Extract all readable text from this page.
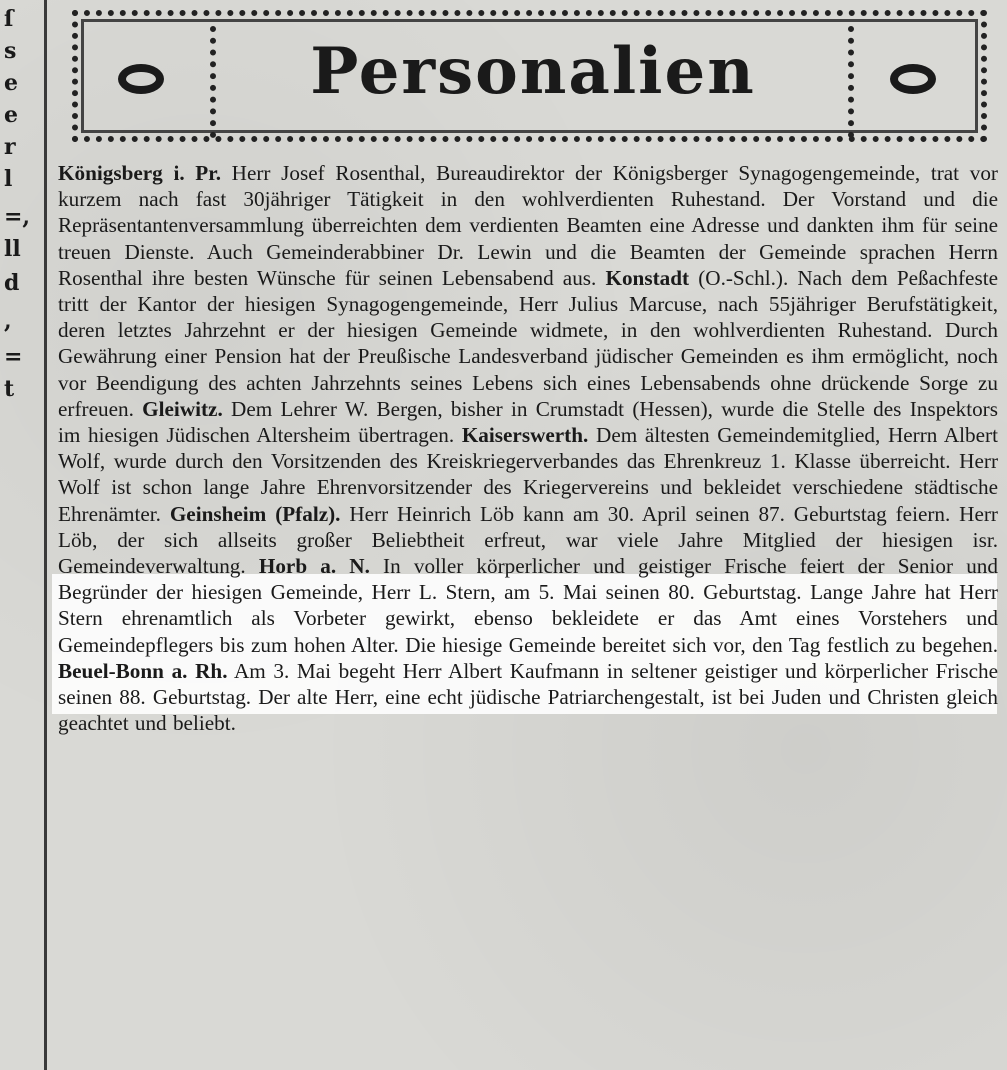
ſ
s
e
e
r
l
=,
ll
d
,
=
t
Personalien

Königsberg i. Pr. Herr Josef Rosenthal, Bureaudirektor der Königsberger Synagogengemeinde, trat vor kurzem nach fast 30jähriger Tätigkeit in den wohlverdienten Ruhestand. Der Vorstand und die Repräsentantenversammlung überreichten dem verdienten Beamten eine Adresse und dankten ihm für seine treuen Dienste. Auch Gemeinderabbiner Dr. Lewin und die Beamten der Gemeinde sprachen Herrn Rosenthal ihre besten Wünsche für seinen Lebensabend aus. Konstadt (O.-Schl.). Nach dem Peßachfeste tritt der Kantor der hiesigen Synagogengemeinde, Herr Julius Marcuse, nach 55jähriger Berufstätigkeit, deren letztes Jahrzehnt er der hiesigen Gemeinde widmete, in den wohlverdienten Ruhestand. Durch Gewährung einer Pension hat der Preußische Landesverband jüdischer Gemeinden es ihm ermöglicht, noch vor Beendigung des achten Jahrzehnts seines Lebens sich eines Lebensabends ohne drückende Sorge zu erfreuen. Gleiwitz. Dem Lehrer W. Bergen, bisher in Crumstadt (Hessen), wurde die Stelle des Inspektors im hiesigen Jüdischen Altersheim übertragen. Kaiserswerth. Dem ältesten Gemeindemitglied, Herrn Albert Wolf, wurde durch den Vorsitzenden des Kreiskriegerverbandes das Ehrenkreuz 1. Klasse überreicht. Herr Wolf ist schon lange Jahre Ehrenvorsitzender des Kriegervereins und bekleidet verschiedene städtische Ehrenämter. Geinsheim (Pfalz). Herr Heinrich Löb kann am 30. April seinen 87. Geburtstag feiern. Herr Löb, der sich allseits großer Beliebtheit erfreut, war viele Jahre Mitglied der hiesigen isr. Gemeindeverwaltung. Horb a. N. In voller körperlicher und geistiger Frische feiert der Senior und Begründer der hiesigen Gemeinde, Herr L. Stern, am 5. Mai seinen 80. Geburtstag. Lange Jahre hat Herr Stern ehrenamtlich als Vorbeter gewirkt, ebenso bekleidete er das Amt eines Vorstehers und Gemeindepflegers bis zum hohen Alter. Die hiesige Gemeinde bereitet sich vor, den Tag festlich zu begehen. Beuel-Bonn a. Rh. Am 3. Mai begeht Herr Albert Kaufmann in seltener geistiger und körperlicher Frische seinen 88. Geburtstag. Der alte Herr, eine echt jüdische Patriarchengestalt, ist bei Juden und Christen gleich geachtet und beliebt.
